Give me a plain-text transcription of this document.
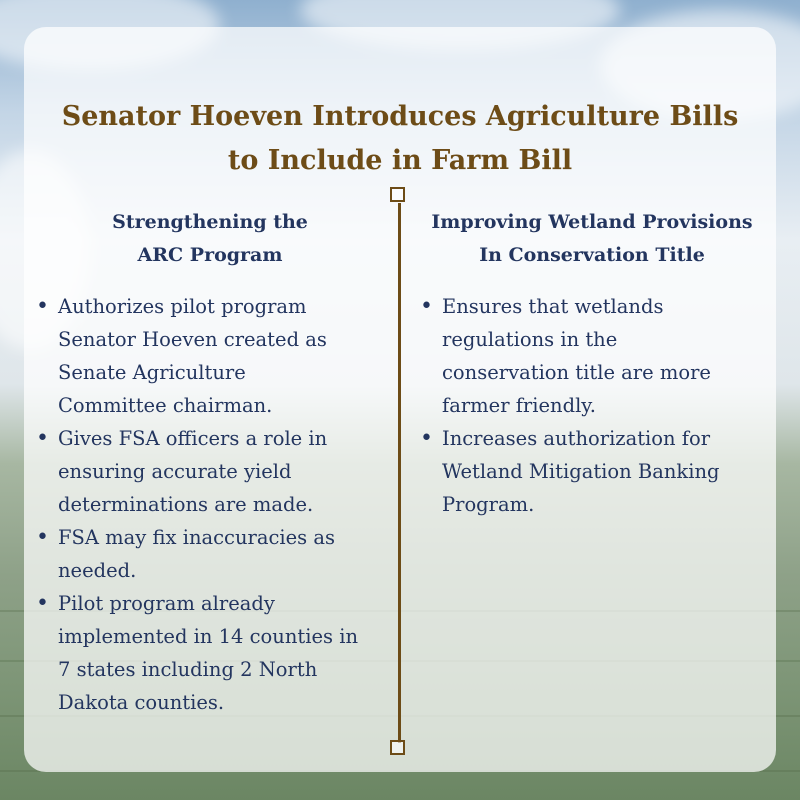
Senator Hoeven Introduces Agriculture Bills
to Include in Farm Bill
Strengthening the
ARC Program
• Authorizes pilot program
Senator Hoeven created as
Senate Agriculture
Committee chairman.
• Gives FSA officers a role in
ensuring accurate yield
determinations are made.
• FSA may fix inaccuracies as
needed.
• Pilot program already
implemented in 14 counties in
7 states including 2 North
Dakota counties.
Improving Wetland Provisions
In Conservation Title
• Ensures that wetlands
regulations in the
conservation title are more
farmer friendly.
• Increases authorization for
Wetland Mitigation Banking
Program.
